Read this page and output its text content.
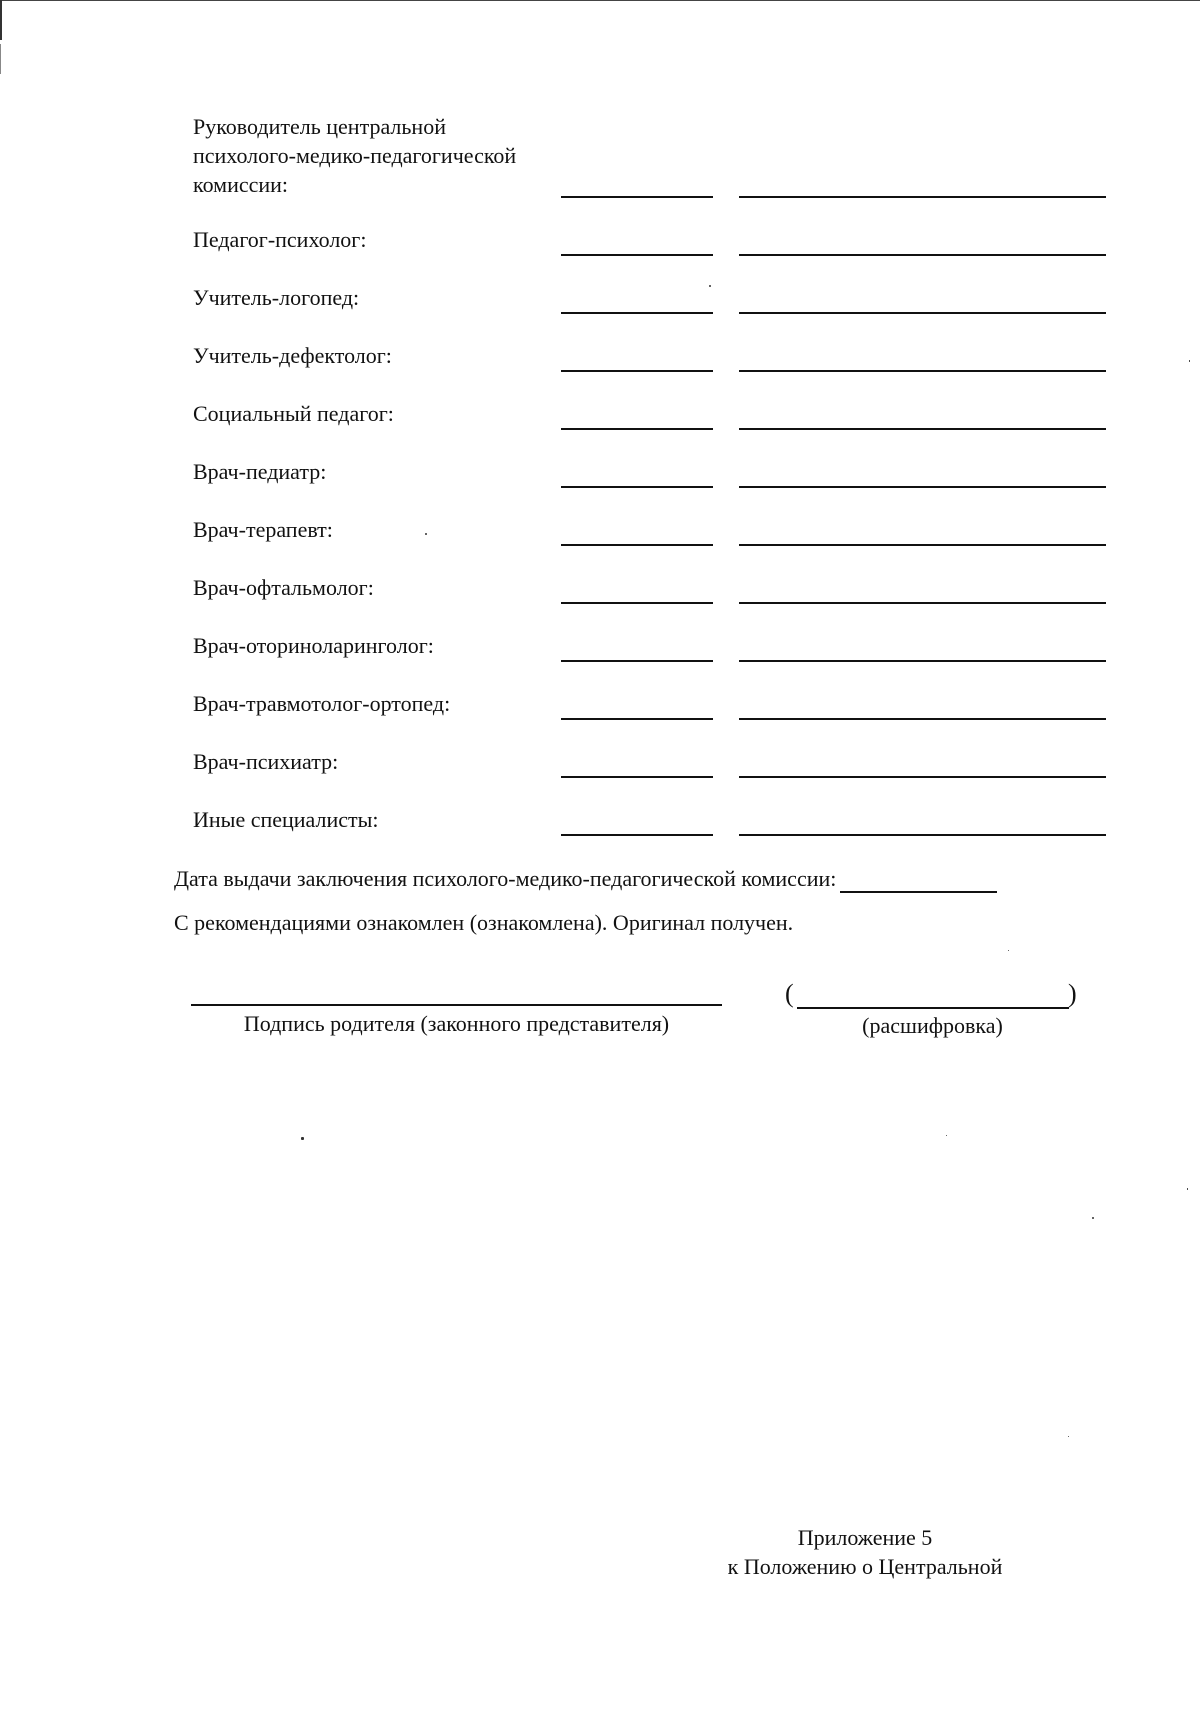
Руководитель центральной
психолого-медико-педагогической
комиссии:
Педагог-психолог:
Учитель-логопед:
Учитель-дефектолог:
Социальный педагог:
Врач-педиатр:
Врач-терапевт:
Врач-офтальмолог:
Врач-оториноларинголог:
Врач-травмотолог-ортопед:
Врач-психиатр:
Иные специалисты:
Дата выдачи заключения психолого-медико-педагогической комиссии:
С рекомендациями ознакомлен (ознакомлена). Оригинал получен.
Подпись родителя (законного представителя)
(	)
(расшифровка)
Приложение 5
к Положению о Центральной
